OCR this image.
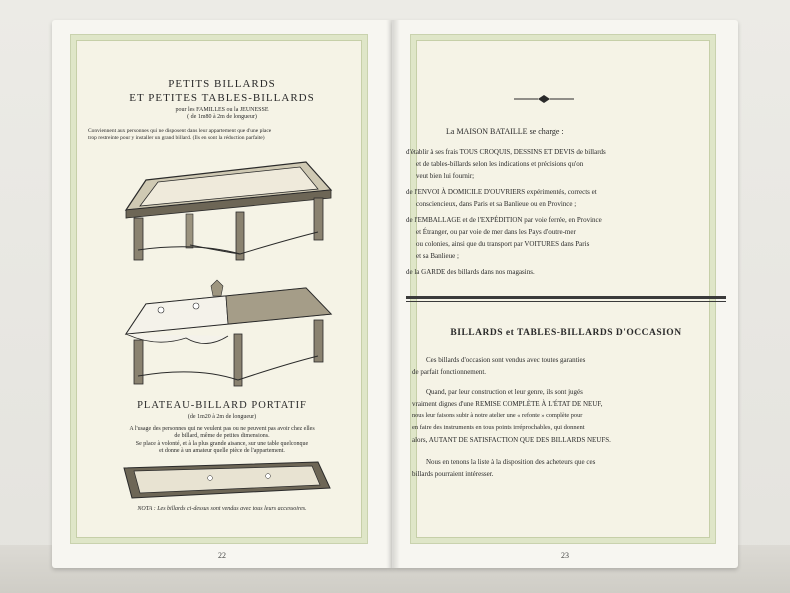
PETITS BILLARDS
ET PETITES TABLES-BILLARDS
pour les FAMILLES ou la JEUNESSE
( de 1m80 à 2m de longueur)
Conviennent aux personnes qui ne disposent dans leur appartement que d'une place
trop restreinte pour y installer un grand billard. (Ils en sont la réduction parfaite)
PLATEAU-BILLARD PORTATIF
(de 1m20 à 2m de longueur)
A l'usage des personnes qui ne veulent pas ou ne peuvent pas avoir chez elles
de billard, même de petites dimensions.
Se place à volonté, et à la plus grande aisance, sur une table quelconque
et donne à un amateur quelle pièce de l'appartement.
NOTA : Les billards ci-dessus sont vendus avec tous leurs accessoires.
22
La MAISON BATAILLE se charge :
d'établir à ses frais TOUS CROQUIS, DESSINS ET DEVIS de billards
et de tables-billards selon les indications et précisions qu'on
veut bien lui fournir;
de l'ENVOI À DOMICILE D'OUVRIERS expérimentés, corrects et
consciencieux, dans Paris et sa Banlieue ou en Province ;
de l'EMBALLAGE et de l'EXPÉDITION par voie ferrée, en Province
et Étranger, ou par voie de mer dans les Pays d'outre-mer
ou colonies, ainsi que du transport par VOITURES dans Paris
et sa Banlieue ;
de la GARDE des billards dans nos magasins.
BILLARDS et TABLES-BILLARDS D'OCCASION
Ces billards d'occasion sont vendus avec toutes garanties
de parfait fonctionnement.
Quand, par leur construction et leur genre, ils sont jugés
vraiment dignes d'une REMISE COMPLÈTE À L'ÉTAT DE NEUF,
nous leur faisons subir à notre atelier une « refonte » complète pour
en faire des instruments en tous points irréprochables, qui donnent
alors, AUTANT DE SATISFACTION QUE DES BILLARDS NEUFS.
Nous en tenons la liste à la disposition des acheteurs que ces
billards pourraient intéresser.
23
